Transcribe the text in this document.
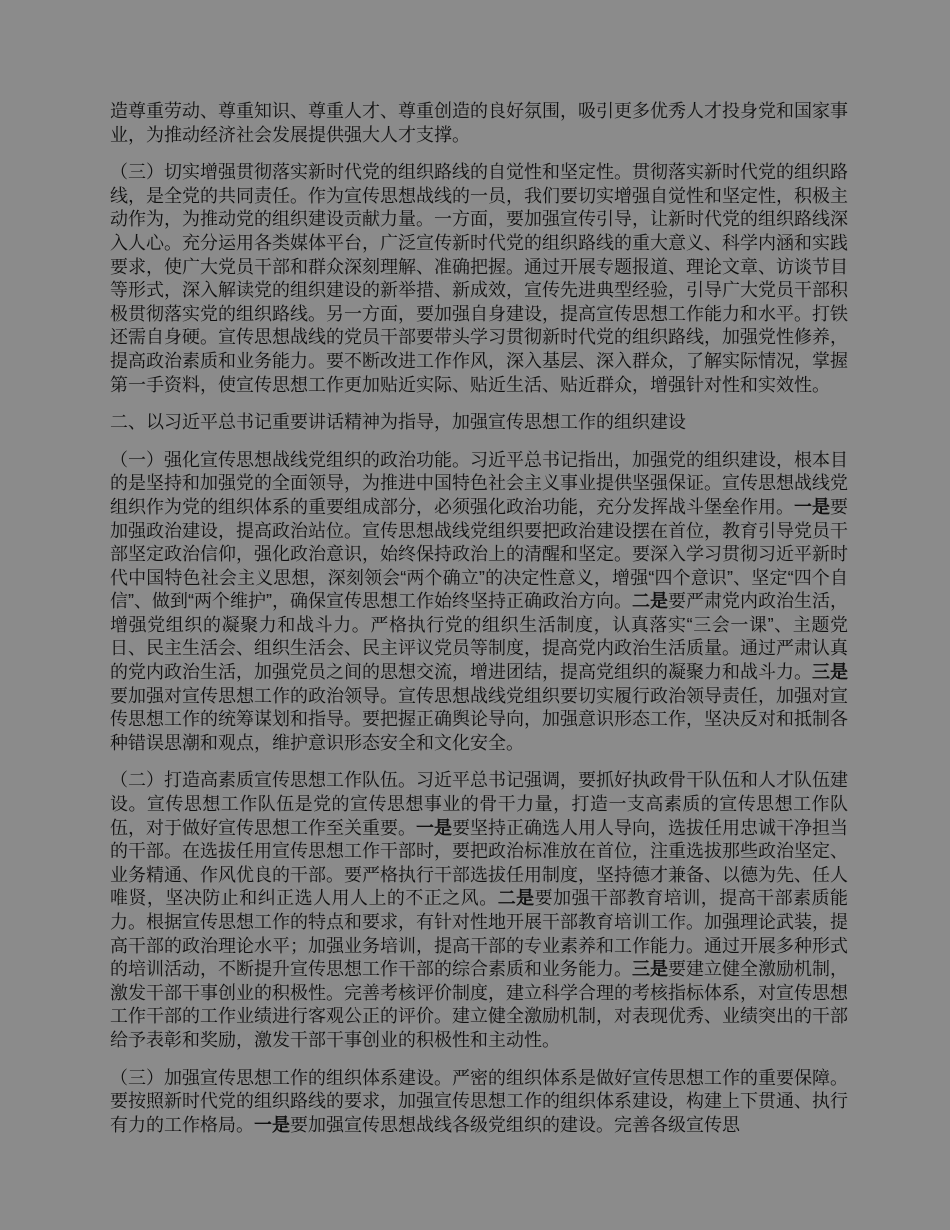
造尊重劳动、尊重知识、尊重人才、尊重创造的良好氛围，吸引更多优秀人才投身党和国家事业，为推动经济社会发展提供强大人才支撑。

（三）切实增强贯彻落实新时代党的组织路线的自觉性和坚定性。贯彻落实新时代党的组织路线，是全党的共同责任。作为宣传思想战线的一员，我们要切实增强自觉性和坚定性，积极主动作为，为推动党的组织建设贡献力量。一方面，要加强宣传引导，让新时代党的组织路线深入人心。充分运用各类媒体平台，广泛宣传新时代党的组织路线的重大意义、科学内涵和实践要求，使广大党员干部和群众深刻理解、准确把握。通过开展专题报道、理论文章、访谈节目等形式，深入解读党的组织建设的新举措、新成效，宣传先进典型经验，引导广大党员干部积极贯彻落实党的组织路线。另一方面，要加强自身建设，提高宣传思想工作能力和水平。打铁还需自身硬。宣传思想战线的党员干部要带头学习贯彻新时代党的组织路线，加强党性修养，提高政治素质和业务能力。要不断改进工作作风，深入基层、深入群众，了解实际情况，掌握第一手资料，使宣传思想工作更加贴近实际、贴近生活、贴近群众，增强针对性和实效性。

二、以习近平总书记重要讲话精神为指导，加强宣传思想工作的组织建设

（一）强化宣传思想战线党组织的政治功能。习近平总书记指出，加强党的组织建设，根本目的是坚持和加强党的全面领导，为推进中国特色社会主义事业提供坚强保证。宣传思想战线党组织作为党的组织体系的重要组成部分，必须强化政治功能，充分发挥战斗堡垒作用。一是要加强政治建设，提高政治站位。宣传思想战线党组织要把政治建设摆在首位，教育引导党员干部坚定政治信仰，强化政治意识，始终保持政治上的清醒和坚定。要深入学习贯彻习近平新时代中国特色社会主义思想，深刻领会“两个确立”的决定性意义，增强“四个意识”、坚定“四个自信”、做到“两个维护”，确保宣传思想工作始终坚持正确政治方向。二是要严肃党内政治生活，增强党组织的凝聚力和战斗力。严格执行党的组织生活制度，认真落实“三会一课”、主题党日、民主生活会、组织生活会、民主评议党员等制度，提高党内政治生活质量。通过严肃认真的党内政治生活，加强党员之间的思想交流，增进团结，提高党组织的凝聚力和战斗力。三是要加强对宣传思想工作的政治领导。宣传思想战线党组织要切实履行政治领导责任，加强对宣传思想工作的统筹谋划和指导。要把握正确舆论导向，加强意识形态工作，坚决反对和抵制各种错误思潮和观点，维护意识形态安全和文化安全。

（二）打造高素质宣传思想工作队伍。习近平总书记强调，要抓好执政骨干队伍和人才队伍建设。宣传思想工作队伍是党的宣传思想事业的骨干力量，打造一支高素质的宣传思想工作队伍，对于做好宣传思想工作至关重要。一是要坚持正确选人用人导向，选拔任用忠诚干净担当的干部。在选拔任用宣传思想工作干部时，要把政治标准放在首位，注重选拔那些政治坚定、业务精通、作风优良的干部。要严格执行干部选拔任用制度，坚持德才兼备、以德为先、任人唯贤，坚决防止和纠正选人用人上的不正之风。二是要加强干部教育培训，提高干部素质能力。根据宣传思想工作的特点和要求，有针对性地开展干部教育培训工作。加强理论武装，提高干部的政治理论水平；加强业务培训，提高干部的专业素养和工作能力。通过开展多种形式的培训活动，不断提升宣传思想工作干部的综合素质和业务能力。三是要建立健全激励机制，激发干部干事创业的积极性。完善考核评价制度，建立科学合理的考核指标体系，对宣传思想工作干部的工作业绩进行客观公正的评价。建立健全激励机制，对表现优秀、业绩突出的干部给予表彰和奖励，激发干部干事创业的积极性和主动性。

（三）加强宣传思想工作的组织体系建设。严密的组织体系是做好宣传思想工作的重要保障。要按照新时代党的组织路线的要求，加强宣传思想工作的组织体系建设，构建上下贯通、执行有力的工作格局。一是要加强宣传思想战线各级党组织的建设。完善各级宣传思
